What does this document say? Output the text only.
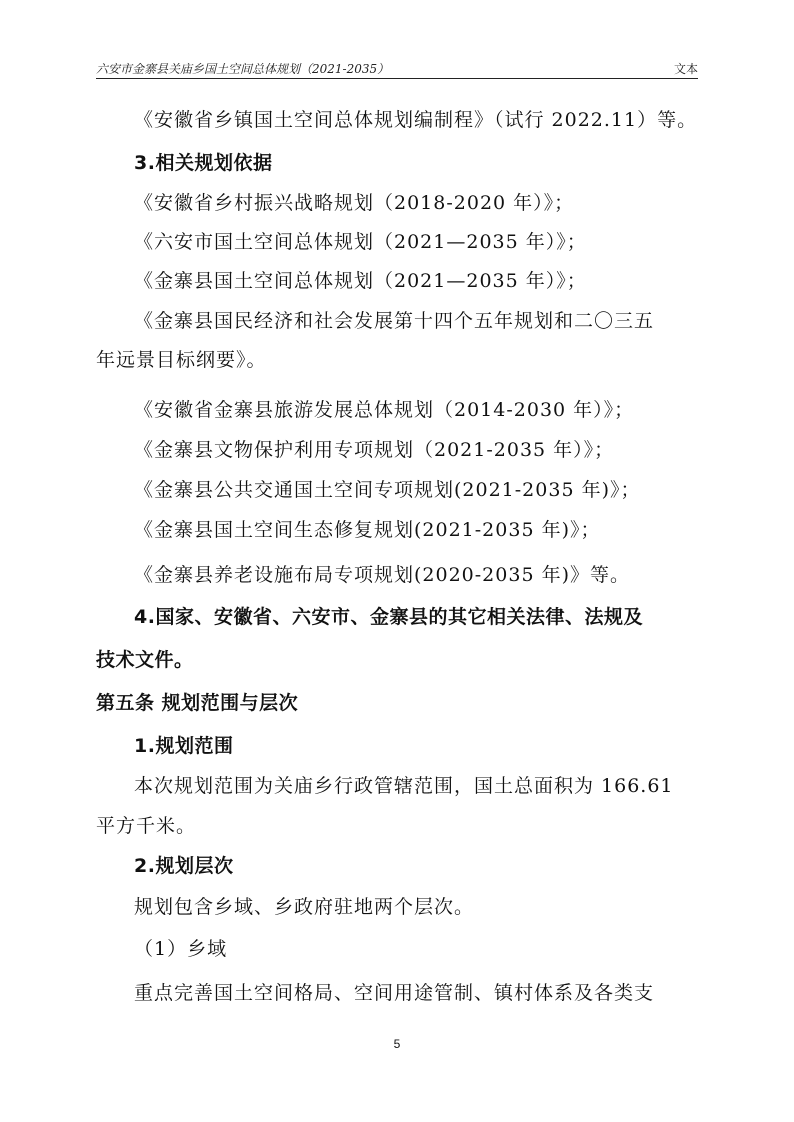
六安市金寨县关庙乡国土空间总体规划（2021-2035）	文本
《安徽省乡镇国土空间总体规划编制程》（试行 2022.11）等。
3.相关规划依据
《安徽省乡村振兴战略规划（2018-2020 年）》；
《六安市国土空间总体规划（2021—2035 年）》；
《金寨县国土空间总体规划（2021—2035 年）》；
《金寨县国民经济和社会发展第十四个五年规划和二〇三五
年远景目标纲要》。
《安徽省金寨县旅游发展总体规划（2014-2030 年）》；
《金寨县文物保护利用专项规划（2021-2035 年）》；
《金寨县公共交通国土空间专项规划(2021-2035 年)》；
《金寨县国土空间生态修复规划(2021-2035 年)》；
《金寨县养老设施布局专项规划(2020-2035 年)》等。
4.国家、安徽省、六安市、金寨县的其它相关法律、法规及
技术文件。
第五条 规划范围与层次
1.规划范围
本次规划范围为关庙乡行政管辖范围，国土总面积为 166.61
平方千米。
2.规划层次
规划包含乡域、乡政府驻地两个层次。
（1）乡域
重点完善国土空间格局、空间用途管制、镇村体系及各类支
5
